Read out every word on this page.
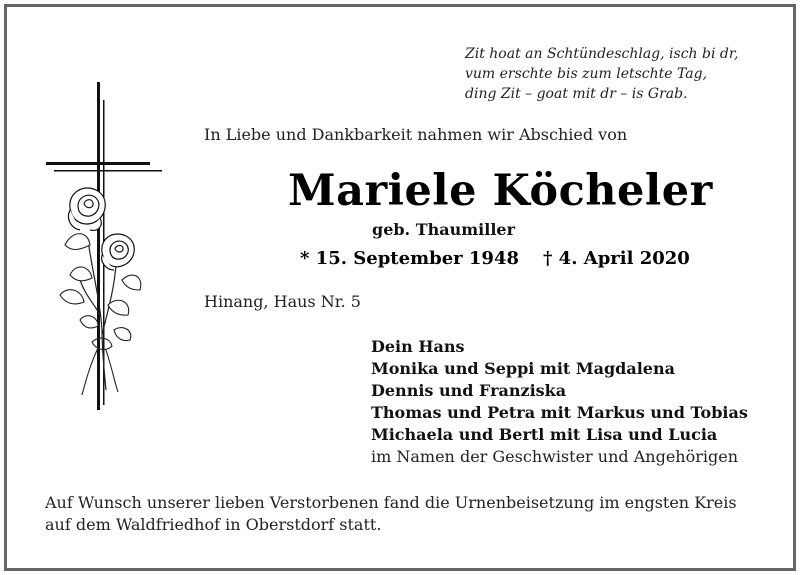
Zit hoat an Schtündeschlag, isch bi dr,
vum erschte bis zum letschte Tag,
ding Zit – goat mit dr – is Grab.
In Liebe und Dankbarkeit nahmen wir Abschied von
Mariele Köcheler
geb. Thaumiller
* 15. September 1948 † 4. April 2020
Hinang, Haus Nr. 5
Dein Hans
Monika und Seppi mit Magdalena
Dennis und Franziska
Thomas und Petra mit Markus und Tobias
Michaela und Bertl mit Lisa und Lucia
im Namen der Geschwister und Angehörigen
Auf Wunsch unserer lieben Verstorbenen fand die Urnenbeisetzung im engsten Kreis
auf dem Waldfriedhof in Oberstdorf statt.
